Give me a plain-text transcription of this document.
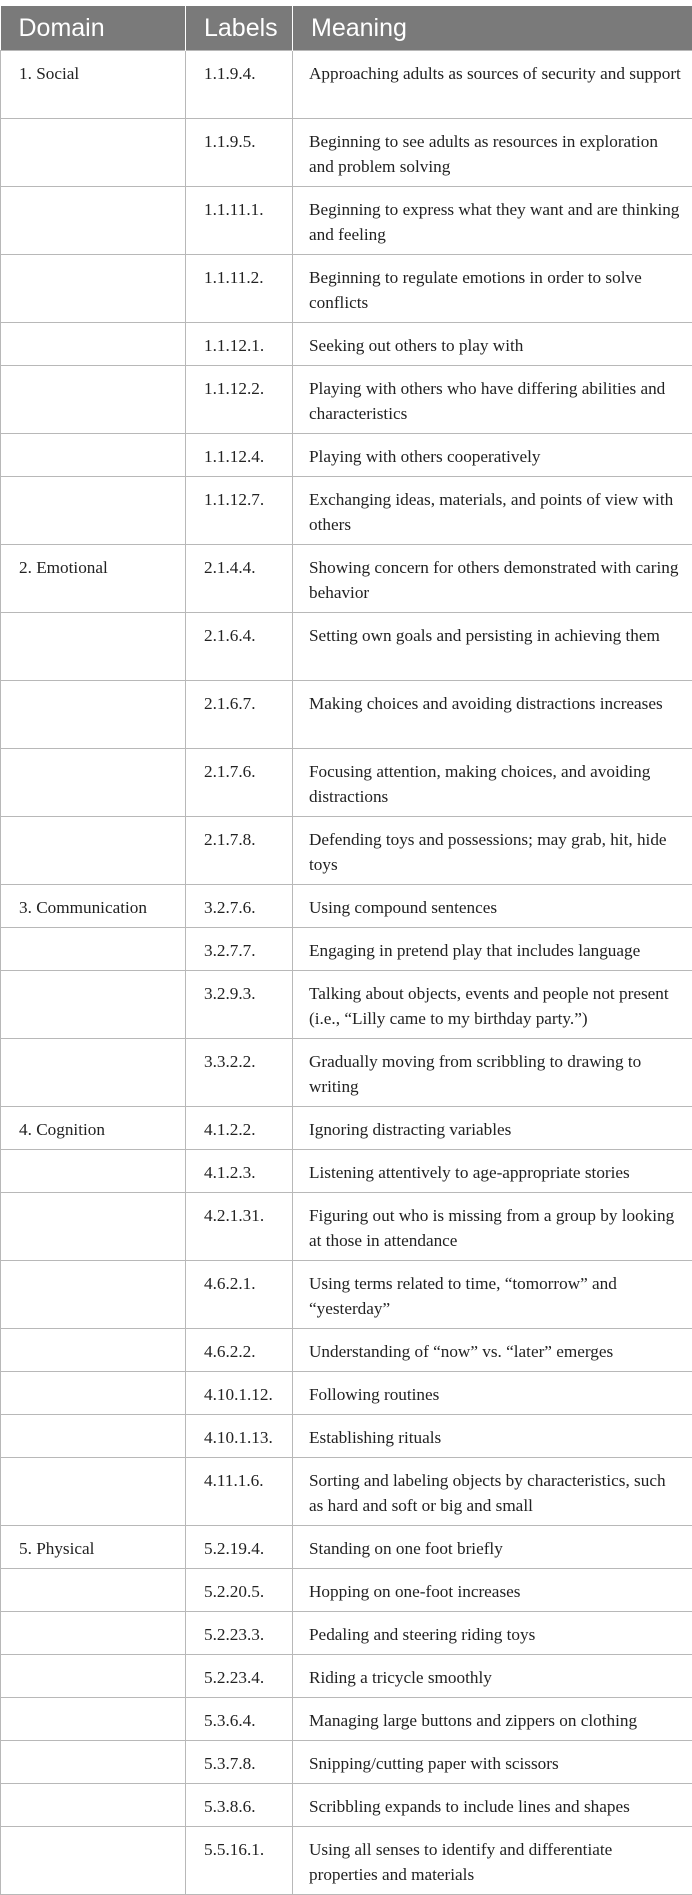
Domain	Labels	Meaning
1. Social	1.1.9.4.	Approaching adults as sources of security and support
	1.1.9.5.	Beginning to see adults as resources in exploration and problem solving
	1.1.11.1.	Beginning to express what they want and are thinking and feeling
	1.1.11.2.	Beginning to regulate emotions in order to solve conflicts
	1.1.12.1.	Seeking out others to play with
	1.1.12.2.	Playing with others who have differing abilities and characteristics
	1.1.12.4.	Playing with others cooperatively
	1.1.12.7.	Exchanging ideas, materials, and points of view with others
2. Emotional	2.1.4.4.	Showing concern for others demonstrated with caring behavior
	2.1.6.4.	Setting own goals and persisting in achieving them
	2.1.6.7.	Making choices and avoiding distractions increases
	2.1.7.6.	Focusing attention, making choices, and avoiding distractions
	2.1.7.8.	Defending toys and possessions; may grab, hit, hide toys
3. Communication	3.2.7.6.	Using compound sentences
	3.2.7.7.	Engaging in pretend play that includes language
	3.2.9.3.	Talking about objects, events and people not present (i.e., “Lilly came to my birthday party.”)
	3.3.2.2.	Gradually moving from scribbling to drawing to writing
4. Cognition	4.1.2.2.	Ignoring distracting variables
	4.1.2.3.	Listening attentively to age-appropriate stories
	4.2.1.31.	Figuring out who is missing from a group by looking at those in attendance
	4.6.2.1.	Using terms related to time, “tomorrow” and “yesterday”
	4.6.2.2.	Understanding of “now” vs. “later” emerges
	4.10.1.12.	Following routines
	4.10.1.13.	Establishing rituals
	4.11.1.6.	Sorting and labeling objects by characteristics, such as hard and soft or big and small
5. Physical	5.2.19.4.	Standing on one foot briefly
	5.2.20.5.	Hopping on one-foot increases
	5.2.23.3.	Pedaling and steering riding toys
	5.2.23.4.	Riding a tricycle smoothly
	5.3.6.4.	Managing large buttons and zippers on clothing
	5.3.7.8.	Snipping/cutting paper with scissors
	5.3.8.6.	Scribbling expands to include lines and shapes
	5.5.16.1.	Using all senses to identify and differentiate properties and materials
